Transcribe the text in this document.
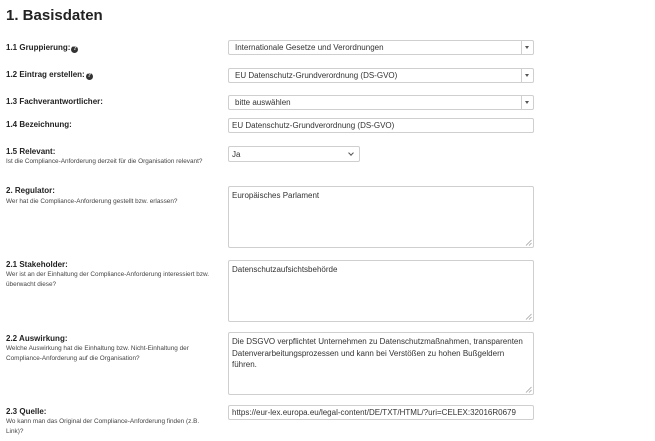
1. Basisdaten
1.1 Gruppierung: ?	Internationale Gesetze und Verordnungen
1.2 Eintrag erstellen: ?	EU Datenschutz-Grundverordnung (DS-GVO)
1.3 Fachverantwortlicher:	bitte auswählen
1.4 Bezeichnung:	EU Datenschutz-Grundverordnung (DS-GVO)
1.5 Relevant:
Ist die Compliance-Anforderung derzeit für die Organisation relevant?
Ja
2. Regulator:
Wer hat die Compliance-Anforderung gestellt bzw. erlassen?
Europäisches Parlament
2.1 Stakeholder:
Wer ist an der Einhaltung der Compliance-Anforderung interessiert bzw. überwacht diese?
Datenschutzaufsichtsbehörde
2.2 Auswirkung:
Welche Auswirkung hat die Einhaltung bzw. Nicht-Einhaltung der Compliance-Anforderung auf die Organisation?
Die DSGVO verpflichtet Unternehmen zu Datenschutzmaßnahmen, transparenten Datenverarbeitungsprozessen und kann bei Verstößen zu hohen Bußgeldern führen.
2.3 Quelle:
Wo kann man das Original der Compliance-Anforderung finden (z.B. Link)?
https://eur-lex.europa.eu/legal-content/DE/TXT/HTML/?uri=CELEX:32016R0679
